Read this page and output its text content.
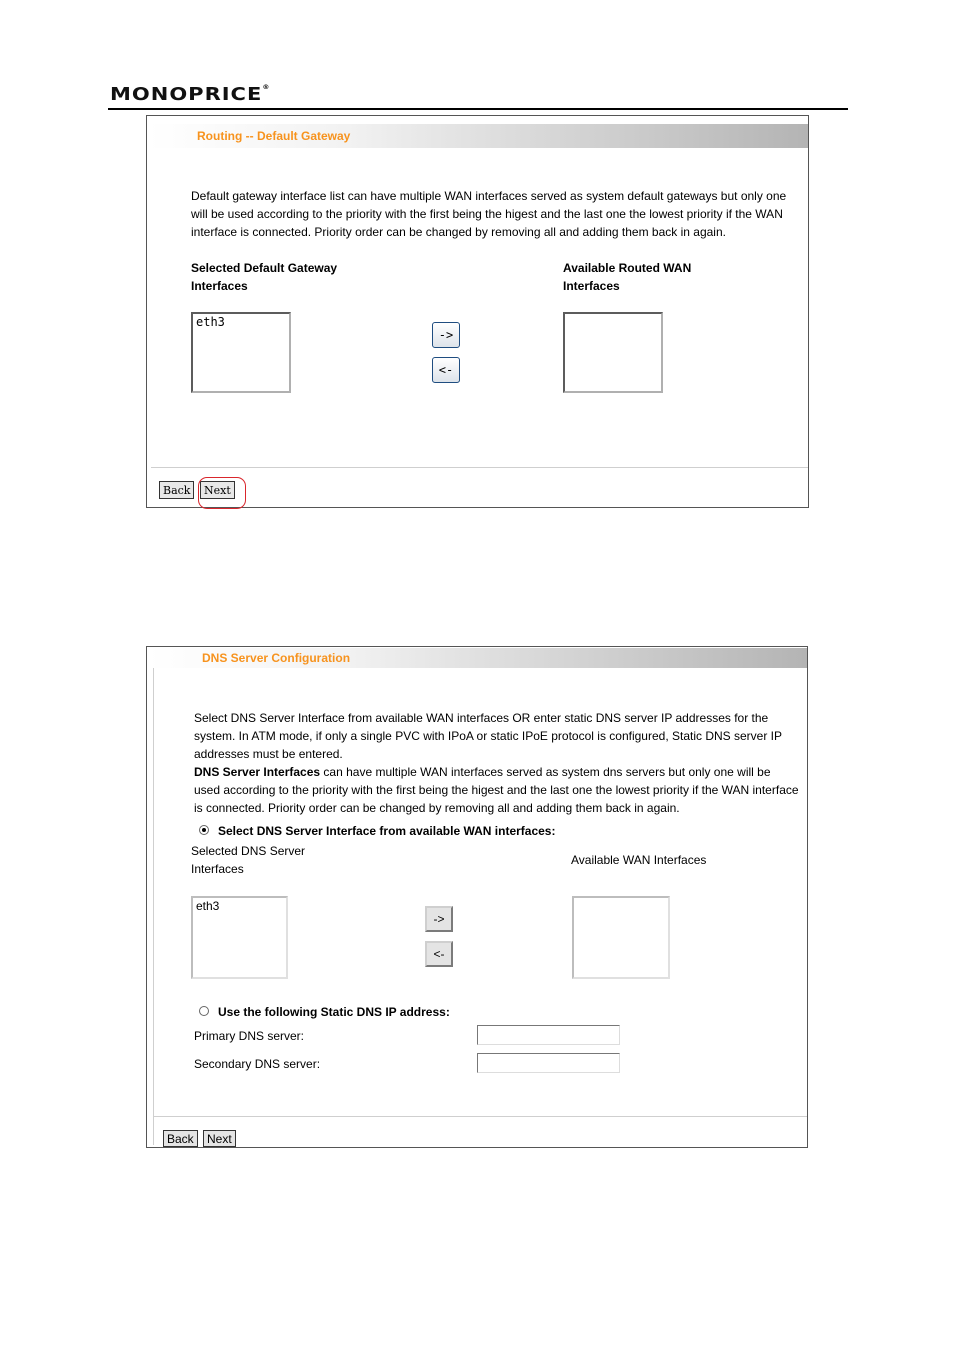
MONOPRICE®
Routing -- Default Gateway
Default gateway interface list can have multiple WAN interfaces served as system default gateways but only one
will be used according to the priority with the first being the higest and the last one the lowest priority if the WAN
interface is connected. Priority order can be changed by removing all and adding them back in again.
Selected Default Gateway
Interfaces
Available Routed WAN
Interfaces
eth3
->
<-
Back	Next
DNS Server Configuration
Select DNS Server Interface from available WAN interfaces OR enter static DNS server IP addresses for the
system. In ATM mode, if only a single PVC with IPoA or static IPoE protocol is configured, Static DNS server IP
addresses must be entered.
DNS Server Interfaces can have multiple WAN interfaces served as system dns servers but only one will be
used according to the priority with the first being the higest and the last one the lowest priority if the WAN interface
is connected. Priority order can be changed by removing all and adding them back in again.
Select DNS Server Interface from available WAN interfaces:
Selected DNS Server
Interfaces
Available WAN Interfaces
eth3
->
<-
Use the following Static DNS IP address:
Primary DNS server:
Secondary DNS server:
Back	Next
